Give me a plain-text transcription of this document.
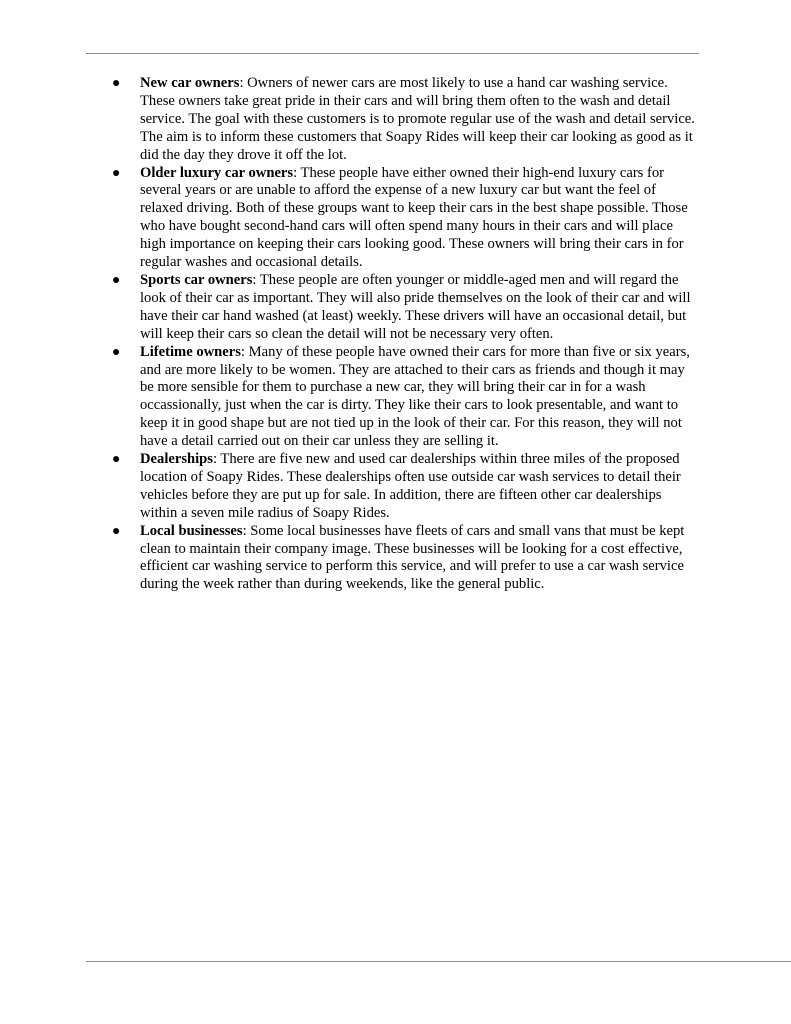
● New car owners: Owners of newer cars are most likely to use a hand car washing service. These owners take great pride in their cars and will bring them often to the wash and detail service. The goal with these customers is to promote regular use of the wash and detail service. The aim is to inform these customers that Soapy Rides will keep their car looking as good as it did the day they drove it off the lot.
● Older luxury car owners: These people have either owned their high-end luxury cars for several years or are unable to afford the expense of a new luxury car but want the feel of relaxed driving. Both of these groups want to keep their cars in the best shape possible. Those who have bought second-hand cars will often spend many hours in their cars and will place high importance on keeping their cars looking good. These owners will bring their cars in for regular washes and occasional details.
● Sports car owners: These people are often younger or middle-aged men and will regard the look of their car as important. They will also pride themselves on the look of their car and will have their car hand washed (at least) weekly. These drivers will have an occasional detail, but will keep their cars so clean the detail will not be necessary very often.
● Lifetime owners: Many of these people have owned their cars for more than five or six years, and are more likely to be women. They are attached to their cars as friends and though it may be more sensible for them to purchase a new car, they will bring their car in for a wash occassionally, just when the car is dirty. They like their cars to look presentable, and want to keep it in good shape but are not tied up in the look of their car. For this reason, they will not have a detail carried out on their car unless they are selling it.
● Dealerships: There are five new and used car dealerships within three miles of the proposed location of Soapy Rides. These dealerships often use outside car wash services to detail their vehicles before they are put up for sale. In addition, there are fifteen other car dealerships within a seven mile radius of Soapy Rides.
● Local businesses: Some local businesses have fleets of cars and small vans that must be kept clean to maintain their company image. These businesses will be looking for a cost effective, efficient car washing service to perform this service, and will prefer to use a car wash service during the week rather than during weekends, like the general public.
